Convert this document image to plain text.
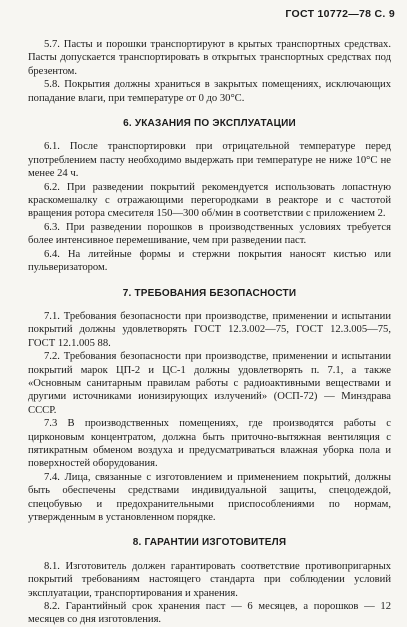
ГОСТ 10772—78 С. 9

5.7. Пасты и порошки транспортируют в крытых транспортных средствах. Пасты допускается транспортировать в открытых транспортных средствах под брезентом.

5.8. Покрытия должны храниться в закрытых помещениях, исключающих попадание влаги, при температуре от 0 до 30°С.

6. УКАЗАНИЯ ПО ЭКСПЛУАТАЦИИ

6.1. После транспортировки при отрицательной температуре перед употреблением пасту необходимо выдержать при температуре не ниже 10°С не менее 24 ч.

6.2. При разведении покрытий рекомендуется использовать лопастную краскомешалку с отражающими перегородками в реакторе и с частотой вращения ротора смесителя 150—300 об/мин в соответствии с приложением 2.

6.3. При разведении порошков в производственных условиях требуется более интенсивное перемешивание, чем при разведении паст.

6.4. На литейные формы и стержни покрытия наносят кистью или пульверизатором.

7. ТРЕБОВАНИЯ БЕЗОПАСНОСТИ

7.1. Требования безопасности при производстве, применении и испытании покрытий должны удовлетворять ГОСТ 12.3.002—75, ГОСТ 12.3.005—75, ГОСТ 12.1.005 88.

7.2. Требования безопасности при производстве, применении и испытании покрытий марок ЦП-2 и ЦС-1 должны удовлетворять п. 7.1, а также «Основным санитарным правилам работы с радиоактивными веществами и другими источниками ионизирующих излучений» (ОСП-72) — Минздрава СССР.

7.3 В производственных помещениях, где производятся работы с цирконовым концентратом, должна быть приточно-вытяжная вентиляция с пятикратным обменом воздуха и предусматриваться влажная уборка пола и поверхностей оборудования.

7.4. Лица, связанные с изготовлением и применением покрытий, должны быть обеспечены средствами индивидуальной защиты, спецодеждой, спецобувью и предохранительными приспособлениями по нормам, утвержденным в установленном порядке.

8. ГАРАНТИИ ИЗГОТОВИТЕЛЯ

8.1. Изготовитель должен гарантировать соответствие противопригарных покрытий требованиям настоящего стандарта при соблюдении условий эксплуатации, транспортирования и хранения.

8.2. Гарантийный срок хранения паст — 6 месяцев, а порошков — 12 месяцев со дня изготовления.
